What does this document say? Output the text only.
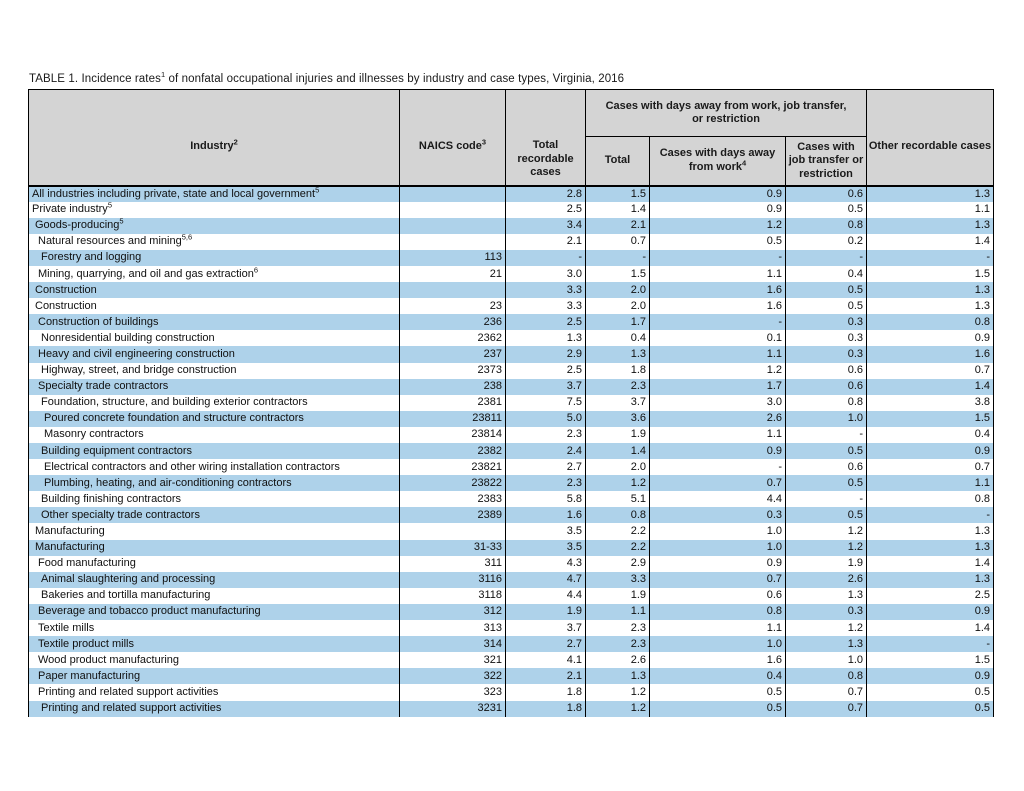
TABLE 1. Incidence rates$^1$ of nonfatal occupational injuries and illnesses by industry and case types, Virginia, 2016
Industry$^2$	NAICS code$^3$	Total recordable cases	Cases with days away from work, job transfer, or restriction			Other recordable cases
			Total	Cases with days away from work$^4$	Cases with job transfer or restriction	
All industries including private, state and local government$^5$		2.8	1.5	0.9	0.6	1.3
Private industry$^5$		2.5	1.4	0.9	0.5	1.1
Goods-producing$^5$		3.4	2.1	1.2	0.8	1.3
Natural resources and mining$^{5,6}$		2.1	0.7	0.5	0.2	1.4
Forestry and logging	113	-	-	-	-	-
Mining, quarrying, and oil and gas extraction$^6$	21	3.0	1.5	1.1	0.4	1.5
Construction		3.3	2.0	1.6	0.5	1.3
Construction	23	3.3	2.0	1.6	0.5	1.3
Construction of buildings	236	2.5	1.7	-	0.3	0.8
Nonresidential building construction	2362	1.3	0.4	0.1	0.3	0.9
Heavy and civil engineering construction	237	2.9	1.3	1.1	0.3	1.6
Highway, street, and bridge construction	2373	2.5	1.8	1.2	0.6	0.7
Specialty trade contractors	238	3.7	2.3	1.7	0.6	1.4
Foundation, structure, and building exterior contractors	2381	7.5	3.7	3.0	0.8	3.8
Poured concrete foundation and structure contractors	23811	5.0	3.6	2.6	1.0	1.5
Masonry contractors	23814	2.3	1.9	1.1	-	0.4
Building equipment contractors	2382	2.4	1.4	0.9	0.5	0.9
Electrical contractors and other wiring installation contractors	23821	2.7	2.0	-	0.6	0.7
Plumbing, heating, and air-conditioning contractors	23822	2.3	1.2	0.7	0.5	1.1
Building finishing contractors	2383	5.8	5.1	4.4	-	0.8
Other specialty trade contractors	2389	1.6	0.8	0.3	0.5	-
Manufacturing		3.5	2.2	1.0	1.2	1.3
Manufacturing	31-33	3.5	2.2	1.0	1.2	1.3
Food manufacturing	311	4.3	2.9	0.9	1.9	1.4
Animal slaughtering and processing	3116	4.7	3.3	0.7	2.6	1.3
Bakeries and tortilla manufacturing	3118	4.4	1.9	0.6	1.3	2.5
Beverage and tobacco product manufacturing	312	1.9	1.1	0.8	0.3	0.9
Textile mills	313	3.7	2.3	1.1	1.2	1.4
Textile product mills	314	2.7	2.3	1.0	1.3	-
Wood product manufacturing	321	4.1	2.6	1.6	1.0	1.5
Paper manufacturing	322	2.1	1.3	0.4	0.8	0.9
Printing and related support activities	323	1.8	1.2	0.5	0.7	0.5
Printing and related support activities	3231	1.8	1.2	0.5	0.7	0.5
